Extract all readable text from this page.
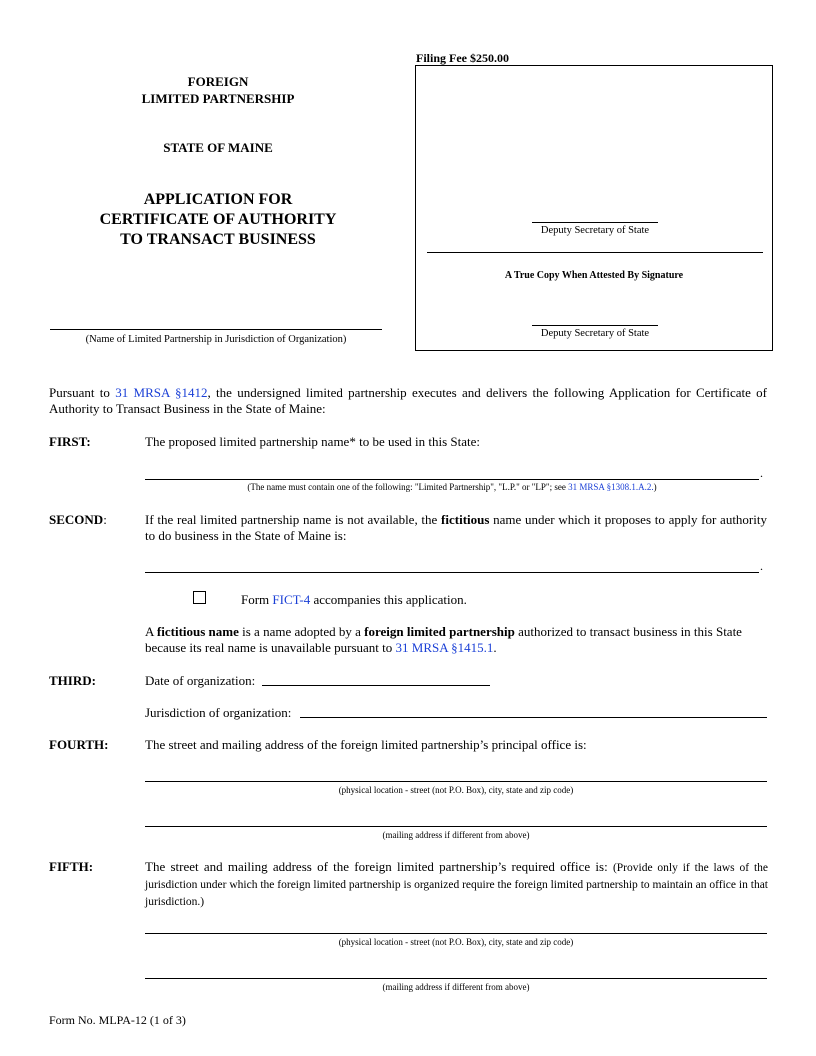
Filing Fee $250.00
FOREIGN
LIMITED PARTNERSHIP
STATE OF MAINE
APPLICATION FOR
CERTIFICATE OF AUTHORITY
TO TRANSACT BUSINESS
(Name of Limited Partnership in Jurisdiction of Organization)
Deputy Secretary of State
A True Copy When Attested By Signature
Deputy Secretary of State
Pursuant to 31 MRSA §1412, the undersigned limited partnership executes and delivers the following Application for Certificate of Authority to Transact Business in the State of Maine:
FIRST:	The proposed limited partnership name* to be used in this State:
.
(The name must contain one of the following: "Limited Partnership", "L.P." or "LP"; see 31 MRSA §1308.1.A.2.)
SECOND:	If the real limited partnership name is not available, the fictitious name under which it proposes to apply for authority to do business in the State of Maine is:
.
Form FICT-4 accompanies this application.
A fictitious name is a name adopted by a foreign limited partnership authorized to transact business in this State because its real name is unavailable pursuant to 31 MRSA §1415.1.
THIRD:	Date of organization:
Jurisdiction of organization:
FOURTH:	The street and mailing address of the foreign limited partnership’s principal office is:
(physical location - street (not P.O. Box), city, state and zip code)
(mailing address if different from above)
FIFTH:	The street and mailing address of the foreign limited partnership’s required office is: (Provide only if the laws of the jurisdiction under which the foreign limited partnership is organized require the foreign limited partnership to maintain an office in that jurisdiction.)
(physical location - street (not P.O. Box), city, state and zip code)
(mailing address if different from above)
Form No. MLPA-12 (1 of 3)
